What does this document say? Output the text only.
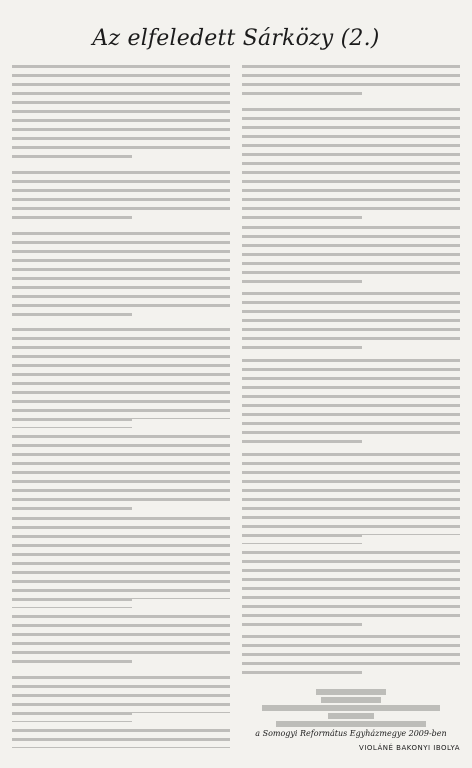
Az elfeledett Sárközy (2.)

a Somogyi Református Egyházmegye 2009-ben

VIOLÁNÉ BAKONYI IBOLYA
